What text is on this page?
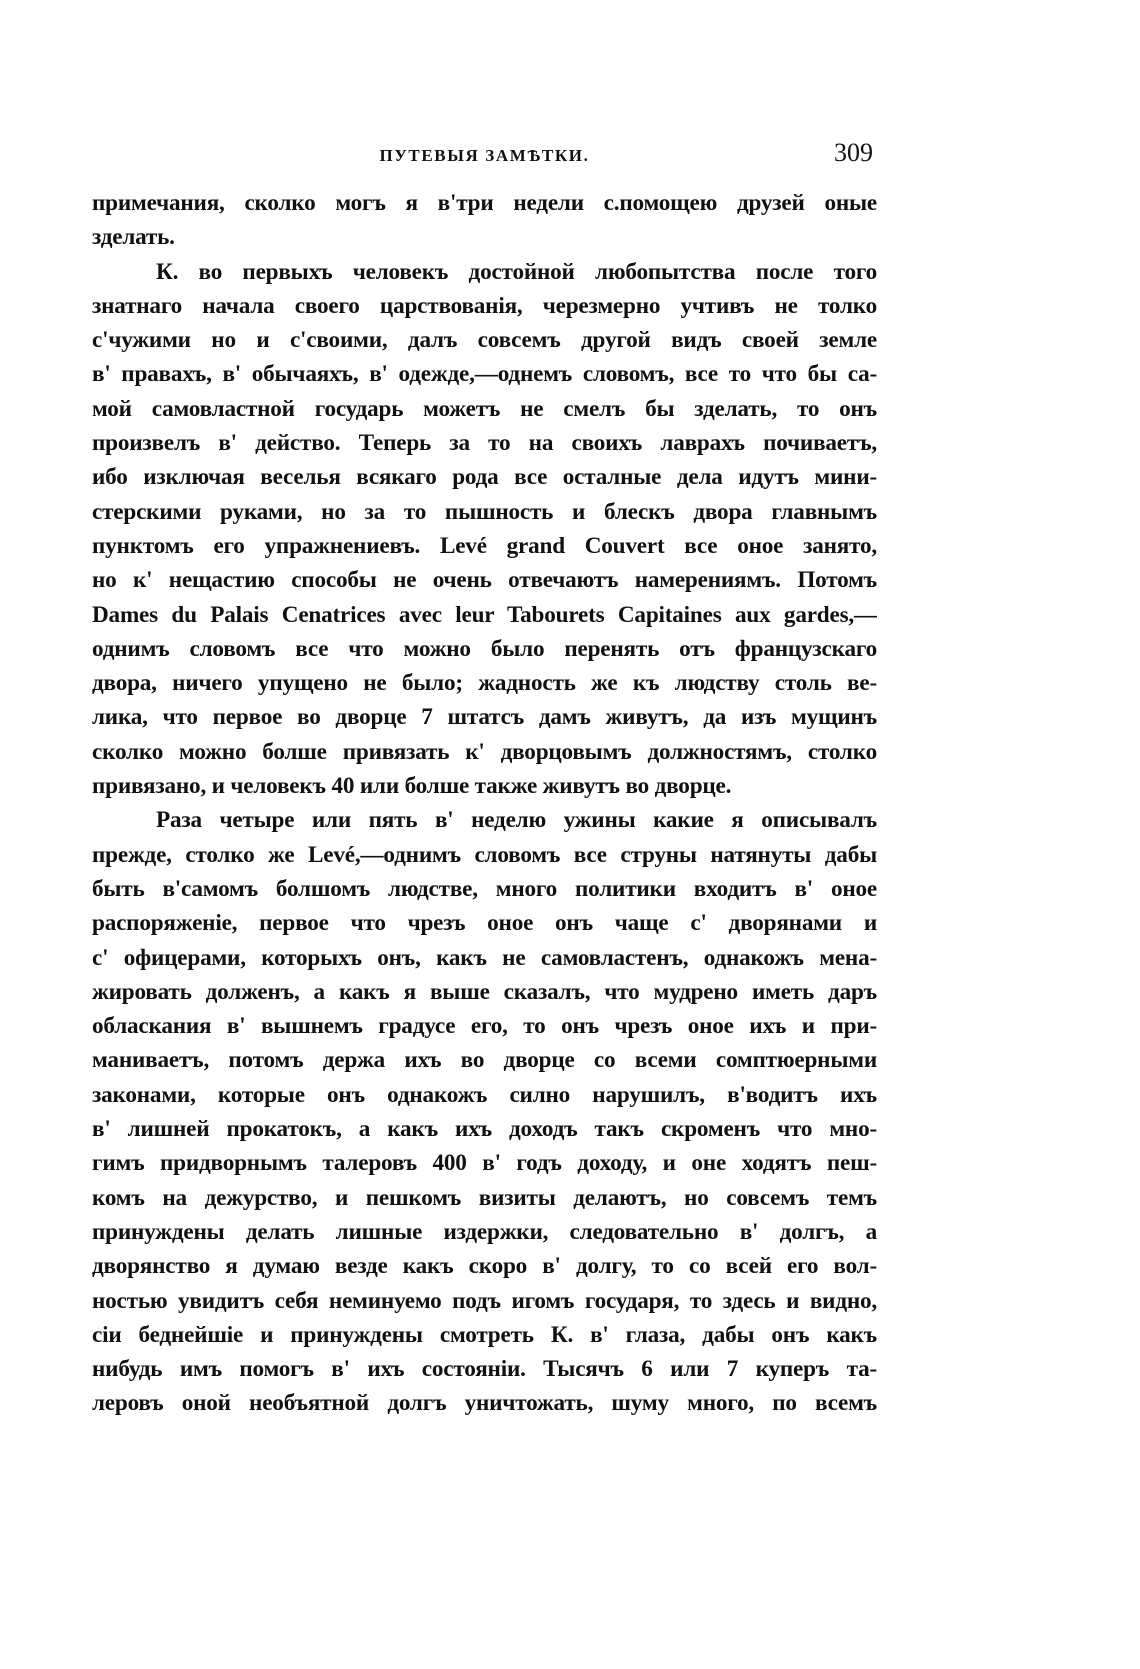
ПУТЕВЫЯ ЗАМѢТКИ.	309
примечания, сколко могъ я в'три недели с.помощею друзей оные
зделать.
К. во первыхъ человекъ достойной любопытства после того
знатнаго начала своего царствованія, черезмерно учтивъ не толко
с'чужими но и с'своими, далъ совсемъ другой видъ своей земле
в' правахъ, в' обычаяхъ, в' одежде,—однемъ словомъ, все то что бы са-
мой самовластной государь можетъ не смелъ бы зделать, то онъ
произвелъ в' действо. Теперь за то на своихъ лаврахъ почиваетъ,
ибо изключая веселья всякаго рода все осталные дела идутъ мини-
стерскими руками, но за то пышность и блескъ двора главнымъ
пунктомъ его упражнениевъ. Levé grand Couvert все оное занято,
но к' нещастию способы не очень отвечаютъ намерениямъ. Потомъ
Dames du Palais Cenatrices avec leur Tabourets Capitaines aux gardes,—
однимъ словомъ все что можно было перенять отъ французскаго
двора, ничего упущено не было; жадность же къ людству столь ве-
лика, что первое во дворце 7 штатсъ дамъ живутъ, да изъ мущинъ
сколко можно болше привязать к' дворцовымъ должностямъ, столко
привязано, и человекъ 40 или болше также живутъ во дворце.
Раза четыре или пять в' неделю ужины какие я описывалъ
прежде, столко же Levé,—однимъ словомъ все струны натянуты дабы
быть в'самомъ болшомъ людстве, много политики входитъ в' оное
распоряженіе, первое что чрезъ оное онъ чаще с' дворянами и
с' офицерами, которыхъ онъ, какъ не самовластенъ, однакожъ мена-
жировать долженъ, а какъ я выше сказалъ, что мудрено иметь даръ
обласкания в' вышнемъ градусе его, то онъ чрезъ оное ихъ и при-
маниваетъ, потомъ держа ихъ во дворце со всеми сомптюерными
законами, которые онъ однакожъ силно нарушилъ, в'водитъ ихъ
в' лишней прокатокъ, а какъ ихъ доходъ такъ скроменъ что мно-
гимъ придворнымъ талеровъ 400 в' годъ доходу, и оне ходятъ пеш-
комъ на дежурство, и пешкомъ визиты делаютъ, но совсемъ темъ
принуждены делать лишные издержки, следовательно в' долгъ, а
дворянство я думаю везде какъ скоро в' долгу, то со всей его вол-
ностью увидитъ себя неминуемо подъ игомъ государя, то здесь и видно,
сіи беднейшіе и принуждены смотреть К. в' глаза, дабы онъ какъ
нибудь имъ помогъ в' ихъ состояніи. Тысячъ 6 или 7 куперъ та-
леровъ оной необъятной долгъ уничтожать, шуму много, по всемъ
